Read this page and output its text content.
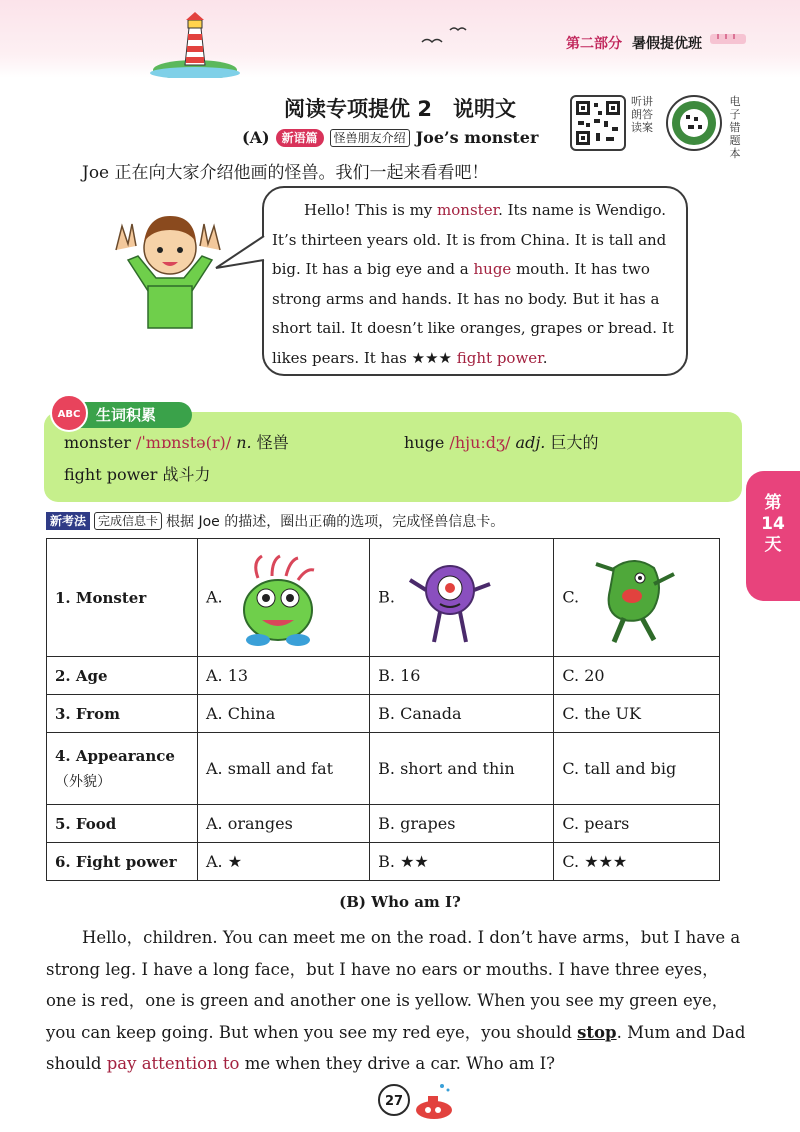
第二部分 暑假提优班
阅读专项提优 2　说明文	听讲
朗答
读案
电子
错题本
(A)	新语篇	怪兽朋友介绍 Joe’s monster
Joe 正在向大家介绍他画的怪兽。我们一起来看看吧！
Hello! This is my monster. Its name is Wendigo. It’s thirteen years old. It is from China. It is tall and big. It has a big eye and a huge mouth. It has two strong arms and hands. It has no body. But it has a short tail. It doesn’t like oranges, grapes or bread. It likes pears. It has ★★★ fight power.
生词积累
ABC
monster /ˈmɒnstə(r)/ n. 怪兽	huge /hjuːdʒ/ adj. 巨大的
fight power 战斗力
新考法	完成信息卡 根据 Joe 的描述，圈出正确的选项，完成怪兽信息卡。
1. Monster	A.	B.	C.
2. Age	A. 13	B. 16	C. 20
3. From	A. China	B. Canada	C. the UK

4. Appearance
（外貌）	A. small and fat	B. short and thin	C. tall and big
5. Food	A. oranges	B. grapes	C. pears
6. Fight power	A. ★	B. ★★	C. ★★★
第
14
天
(B) Who am I?
Hello，children. You can meet me on the road. I don’t have arms，but I have a strong leg. I have a long face，but I have no ears or mouths. I have three eyes，one is red，one is green and another one is yellow. When you see my green eye，you can keep going. But when you see my red eye，you should stop. Mum and Dad should pay attention to me when they drive a car. Who am I?
27
